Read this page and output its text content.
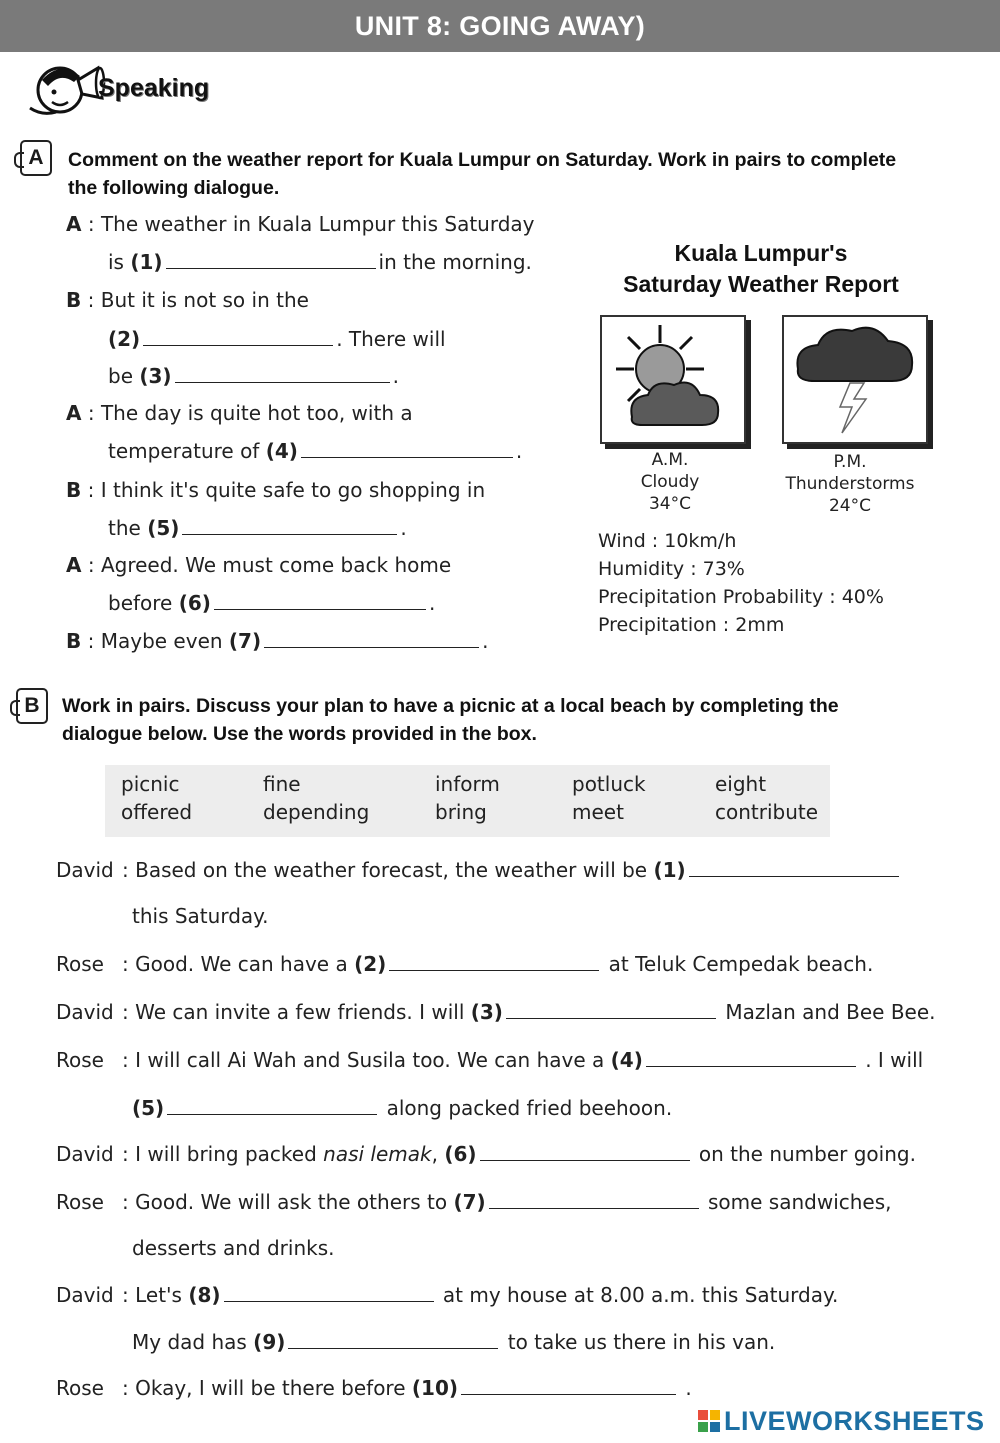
UNIT 8: GOING AWAY)
Speaking
A	Comment on the weather report for Kuala Lumpur on Saturday. Work in pairs to complete
the following dialogue.
A : The weather in Kuala Lumpur this Saturday
is (1)	in the morning.
B : But it is not so in the
(2)	. There will
be (3)	.
A : The day is quite hot too, with a
temperature of (4)	.
B : I think it's quite safe to go shopping in
the (5)	.
A : Agreed. We must come back home
before (6)	.
B : Maybe even (7)	.
Kuala Lumpur's
Saturday Weather Report
A.M.
Cloudy
34°C
P.M.
Thunderstorms
24°C
Wind : 10km/h
Humidity : 73%
Precipitation Probability : 40%
Precipitation : 2mm
B	Work in pairs. Discuss your plan to have a picnic at a local beach by completing the
dialogue below. Use the words provided in the box.
picnic	fine	inform	potluck	eight
offered	depending	bring	meet	contribute
David : Based on the weather forecast, the weather will be (1)
this Saturday.
Rose : Good. We can have a (2)	at Teluk Cempedak beach.
David : We can invite a few friends. I will (3)	Mazlan and Bee Bee.
Rose : I will call Ai Wah and Susila too. We can have a (4)	. I will
(5)	along packed fried beehoon.
David : I will bring packed nasi lemak, (6)	on the number going.
Rose : Good. We will ask the others to (7)	some sandwiches,
desserts and drinks.
David : Let's (8)	at my house at 8.00 a.m. this Saturday.
My dad has (9)	to take us there in his van.
Rose : Okay, I will be there before (10)	.
LIVEWORKSHEETS
